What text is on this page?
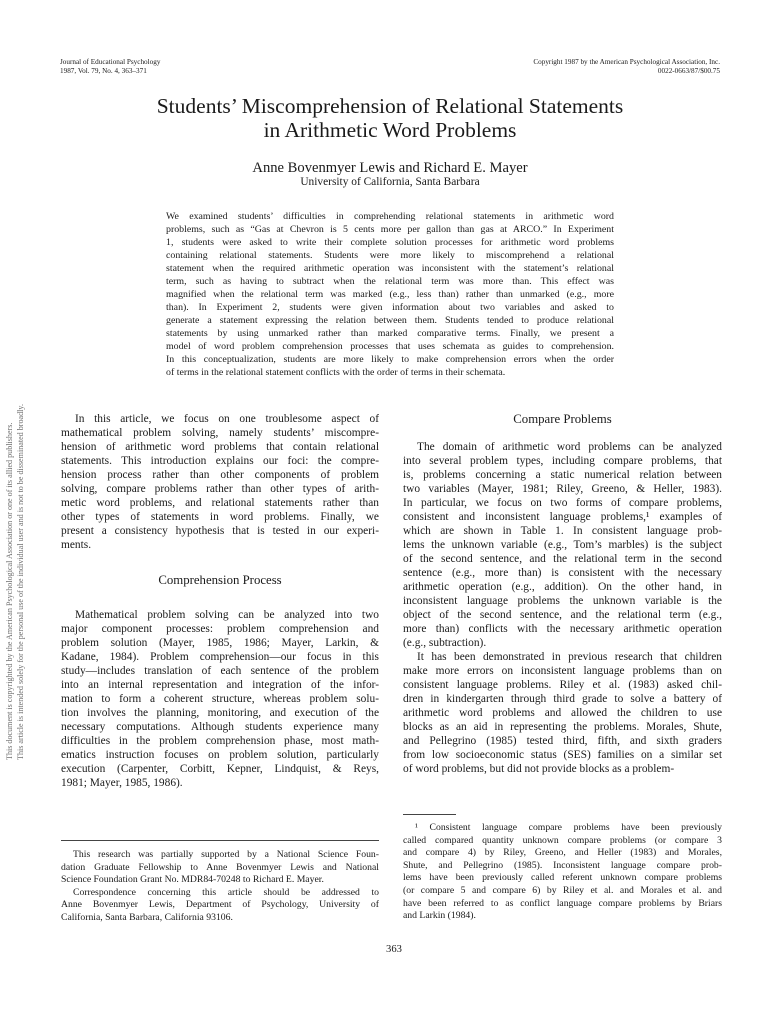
Journal of Educational Psychology
1987, Vol. 79, No. 4, 363–371
Copyright 1987 by the American Psychological Association, Inc.
0022-0663/87/$00.75
Students’ Miscomprehension of Relational Statements
in Arithmetic Word Problems
Anne Bovenmyer Lewis and Richard E. Mayer
University of California, Santa Barbara
We examined students’ difficulties in comprehending relational statements in arithmetic word
problems, such as “Gas at Chevron is 5 cents more per gallon than gas at ARCO.” In Experiment
1, students were asked to write their complete solution processes for arithmetic word problems
containing relational statements. Students were more likely to miscomprehend a relational
statement when the required arithmetic operation was inconsistent with the statement’s relational
term, such as having to subtract when the relational term was more than. This effect was
magnified when the relational term was marked (e.g., less than) rather than unmarked (e.g., more
than). In Experiment 2, students were given information about two variables and asked to
generate a statement expressing the relation between them. Students tended to produce relational
statements by using unmarked rather than marked comparative terms. Finally, we present a
model of word problem comprehension processes that uses schemata as guides to comprehension.
In this conceptualization, students are more likely to make comprehension errors when the order
of terms in the relational statement conflicts with the order of terms in their schemata.
This document is copyrighted by the American Psychological Association or one of its allied publishers. This article is intended solely for the personal use of the individual user and is not to be disseminated broadly.	In this article, we focus on one troublesome aspect of
mathematical problem solving, namely students’ miscompre-
hension of arithmetic word problems that contain relational
statements. This introduction explains our foci: the compre-
hension process rather than other components of problem
solving, compare problems rather than other types of arith-
metic word problems, and relational statements rather than
other types of statements in word problems. Finally, we
present a consistency hypothesis that is tested in our experi-
ments.
Comprehension Process
Mathematical problem solving can be analyzed into two
major component processes: problem comprehension and
problem solution (Mayer, 1985, 1986; Mayer, Larkin, &
Kadane, 1984). Problem comprehension—our focus in this
study—includes translation of each sentence of the problem
into an internal representation and integration of the infor-
mation to form a coherent structure, whereas problem solu-
tion involves the planning, monitoring, and execution of the
necessary computations. Although students experience many
difficulties in the problem comprehension phase, most math-
ematics instruction focuses on problem solution, particularly
execution (Carpenter, Corbitt, Kepner, Lindquist, & Reys,
1981; Mayer, 1985, 1986).
This research was partially supported by a National Science Foun-
dation Graduate Fellowship to Anne Bovenmyer Lewis and National
Science Foundation Grant No. MDR84-70248 to Richard E. Mayer.
Correspondence concerning this article should be addressed to
Anne Bovenmyer Lewis, Department of Psychology, University of
California, Santa Barbara, California 93106.
Compare Problems
The domain of arithmetic word problems can be analyzed
into several problem types, including compare problems, that
is, problems concerning a static numerical relation between
two variables (Mayer, 1981; Riley, Greeno, & Heller, 1983).
In particular, we focus on two forms of compare problems,
consistent and inconsistent language problems,¹ examples of
which are shown in Table 1. In consistent language prob-
lems the unknown variable (e.g., Tom’s marbles) is the subject
of the second sentence, and the relational term in the second
sentence (e.g., more than) is consistent with the necessary
arithmetic operation (e.g., addition). On the other hand, in
inconsistent language problems the unknown variable is the
object of the second sentence, and the relational term (e.g.,
more than) conflicts with the necessary arithmetic operation
(e.g., subtraction).
It has been demonstrated in previous research that children
make more errors on inconsistent language problems than on
consistent language problems. Riley et al. (1983) asked chil-
dren in kindergarten through third grade to solve a battery of
arithmetic word problems and allowed the children to use
blocks as an aid in representing the problems. Morales, Shute,
and Pellegrino (1985) tested third, fifth, and sixth graders
from low socioeconomic status (SES) families on a similar set
of word problems, but did not provide blocks as a problem-
¹ Consistent language compare problems have been previously
called compared quantity unknown compare problems (or compare 3
and compare 4) by Riley, Greeno, and Heller (1983) and Morales,
Shute, and Pellegrino (1985). Inconsistent language compare prob-
lems have been previously called referent unknown compare problems
(or compare 5 and compare 6) by Riley et al. and Morales et al. and
have been referred to as conflict language compare problems by Briars
and Larkin (1984).
363
